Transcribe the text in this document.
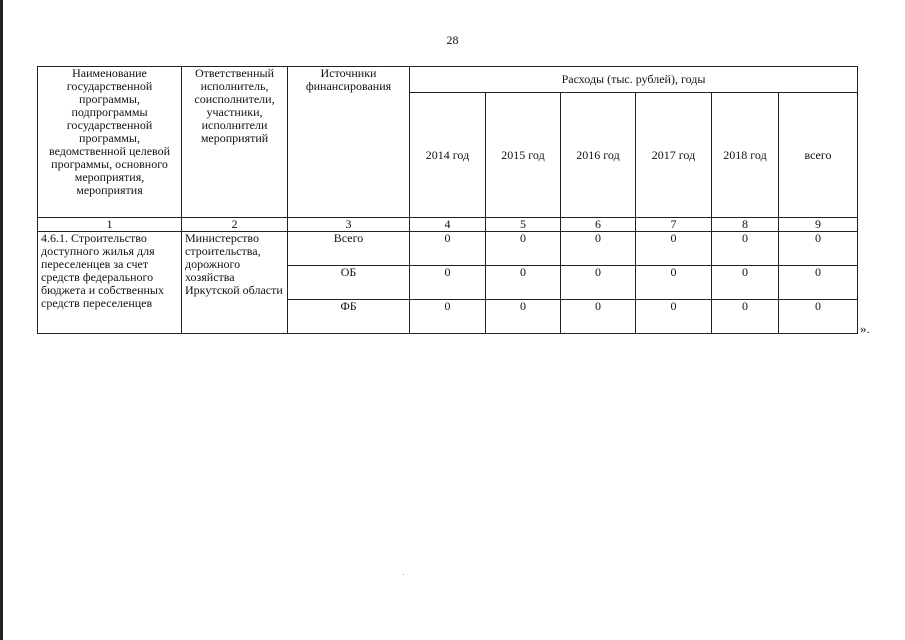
28
Наименование государственной программы, подпрограммы государственной программы, ведомственной целевой программы, основного мероприятия, мероприятия	Ответственный исполнитель, соисполнители, участники, исполнители мероприятий	Источники финансирования	Расходы (тыс. рублей), годы					
			2014 год	2015 год	2016 год	2017 год	2018 год	всего
1	2	3	4	5	6	7	8	9
4.6.1. Строительство доступного жилья для переселенцев за счет средств федерального бюджета и собственных средств переселенцев	Министерство строительства, дорожного хозяйства Иркутской области	Всего	0	0	0	0	0	0
		ОБ	0	0	0	0	0	0
		ФБ	0	0	0	0	0	0
».
